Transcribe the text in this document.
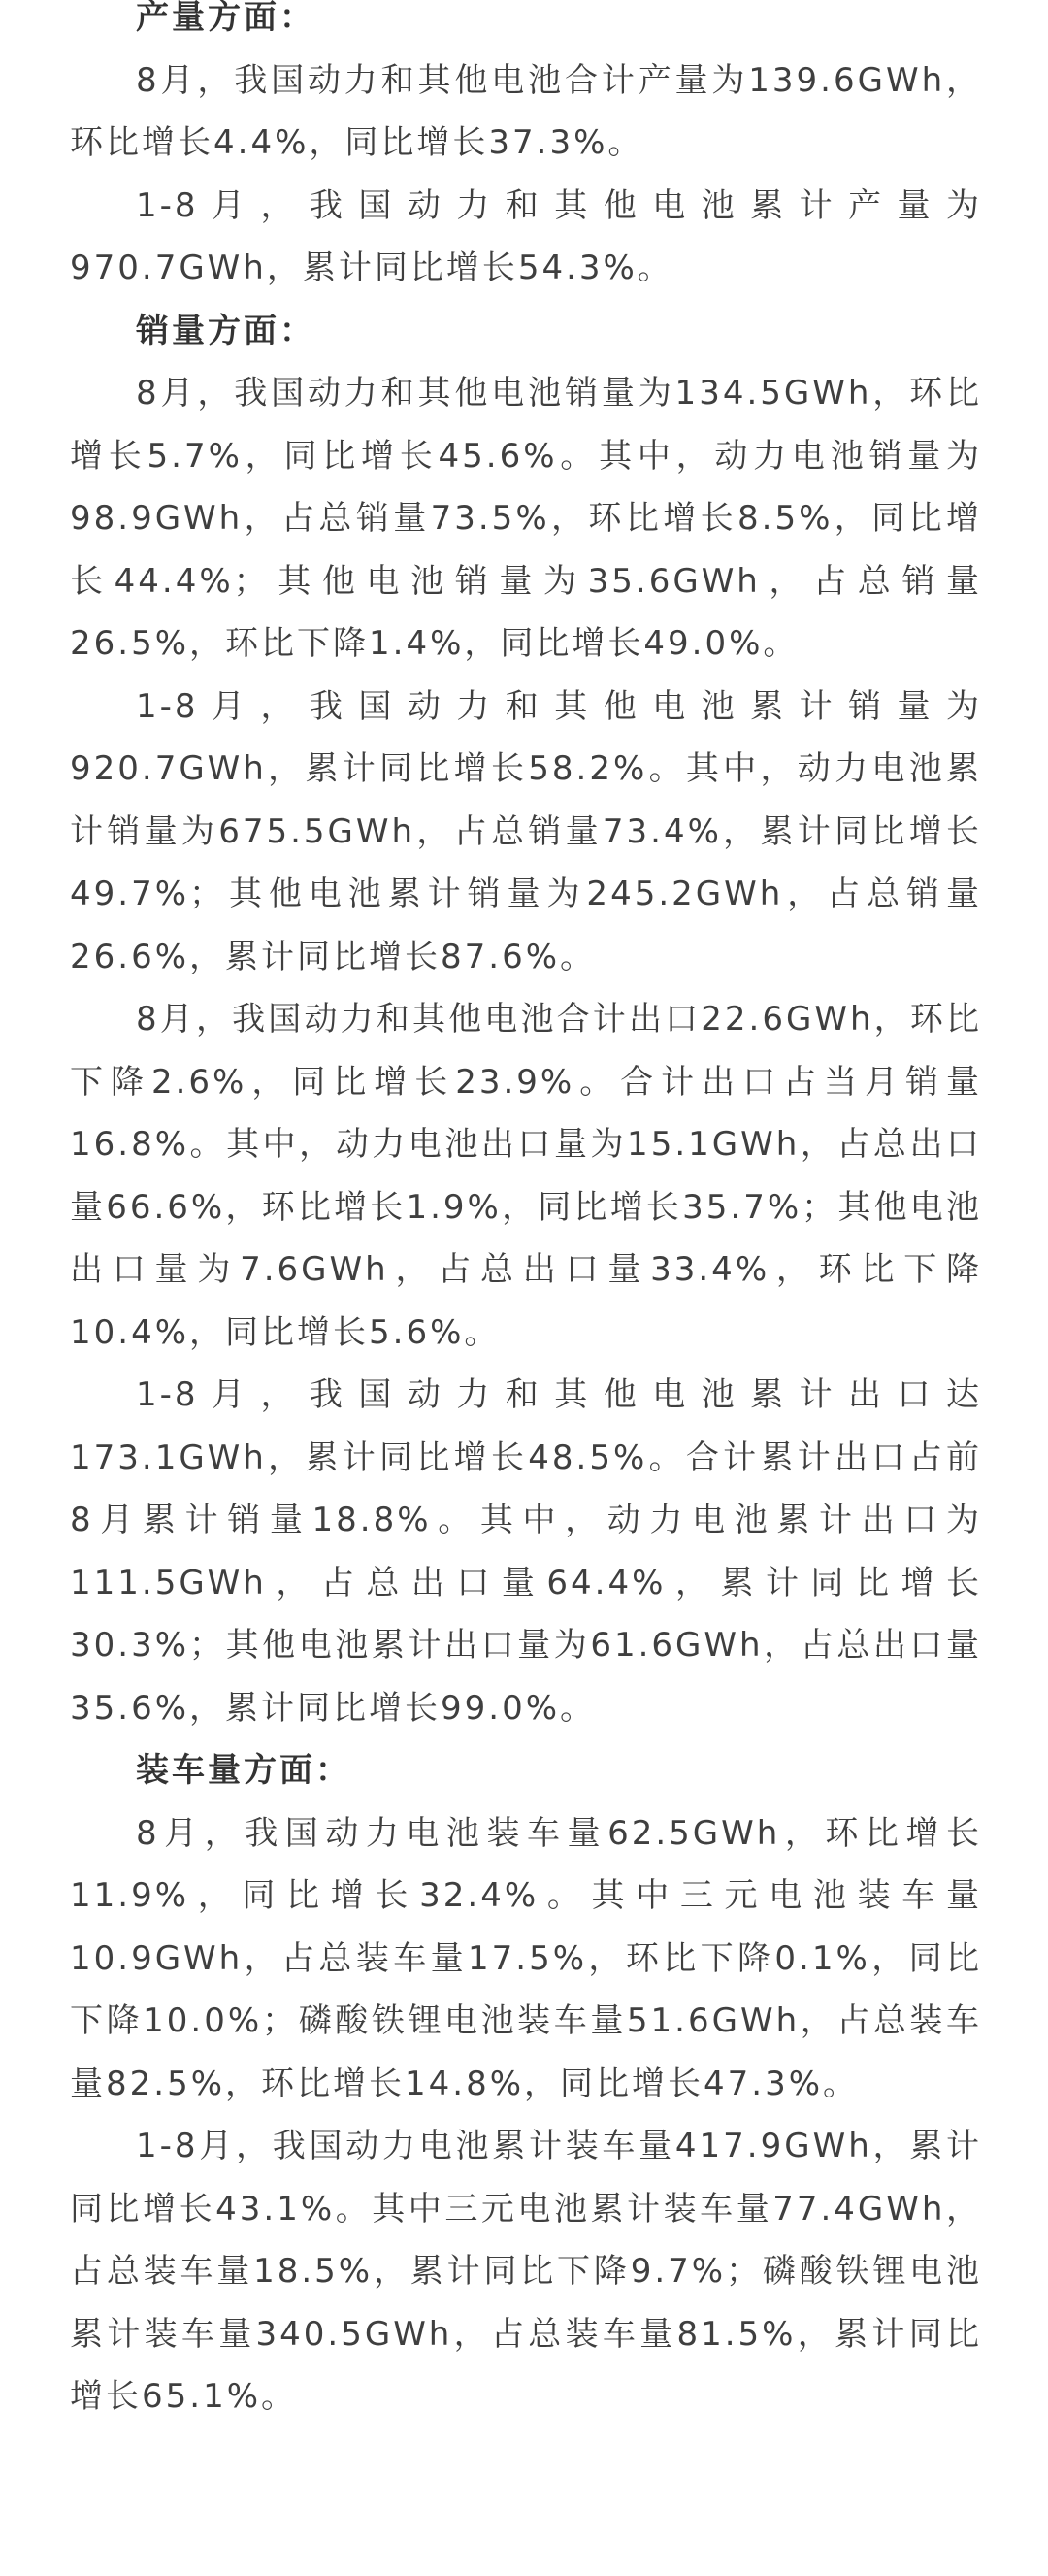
产量方面：

8月，我国动力和其他电池合计产量为139.6GWh，环比增长4.4%，同比增长37.3%。

1-8月，我国动力和其他电池累计产量为970.7GWh，累计同比增长54.3%。

销量方面：

8月，我国动力和其他电池销量为134.5GWh，环比增长5.7%，同比增长45.6%。其中，动力电池销量为98.9GWh，占总销量73.5%，环比增长8.5%，同比增长44.4%；其他电池销量为35.6GWh，占总销量26.5%，环比下降1.4%，同比增长49.0%。

1-8月，我国动力和其他电池累计销量为920.7GWh，累计同比增长58.2%。其中，动力电池累计销量为675.5GWh，占总销量73.4%，累计同比增长49.7%；其他电池累计销量为245.2GWh，占总销量26.6%，累计同比增长87.6%。

8月，我国动力和其他电池合计出口22.6GWh，环比下降2.6%，同比增长23.9%。合计出口占当月销量16.8%。其中，动力电池出口量为15.1GWh，占总出口量66.6%，环比增长1.9%，同比增长35.7%；其他电池出口量为7.6GWh，占总出口量33.4%，环比下降10.4%，同比增长5.6%。

1-8月，我国动力和其他电池累计出口达173.1GWh，累计同比增长48.5%。合计累计出口占前8月累计销量18.8%。其中，动力电池累计出口为111.5GWh，占总出口量64.4%，累计同比增长30.3%；其他电池累计出口量为61.6GWh，占总出口量35.6%，累计同比增长99.0%。

装车量方面：

8月，我国动力电池装车量62.5GWh，环比增长11.9%，同比增长32.4%。其中三元电池装车量10.9GWh，占总装车量17.5%，环比下降0.1%，同比下降10.0%；磷酸铁锂电池装车量51.6GWh，占总装车量82.5%，环比增长14.8%，同比增长47.3%。

1-8月，我国动力电池累计装车量417.9GWh，累计同比增长43.1%。其中三元电池累计装车量77.4GWh，占总装车量18.5%，累计同比下降9.7%；磷酸铁锂电池累计装车量340.5GWh，占总装车量81.5%，累计同比增长65.1%。
